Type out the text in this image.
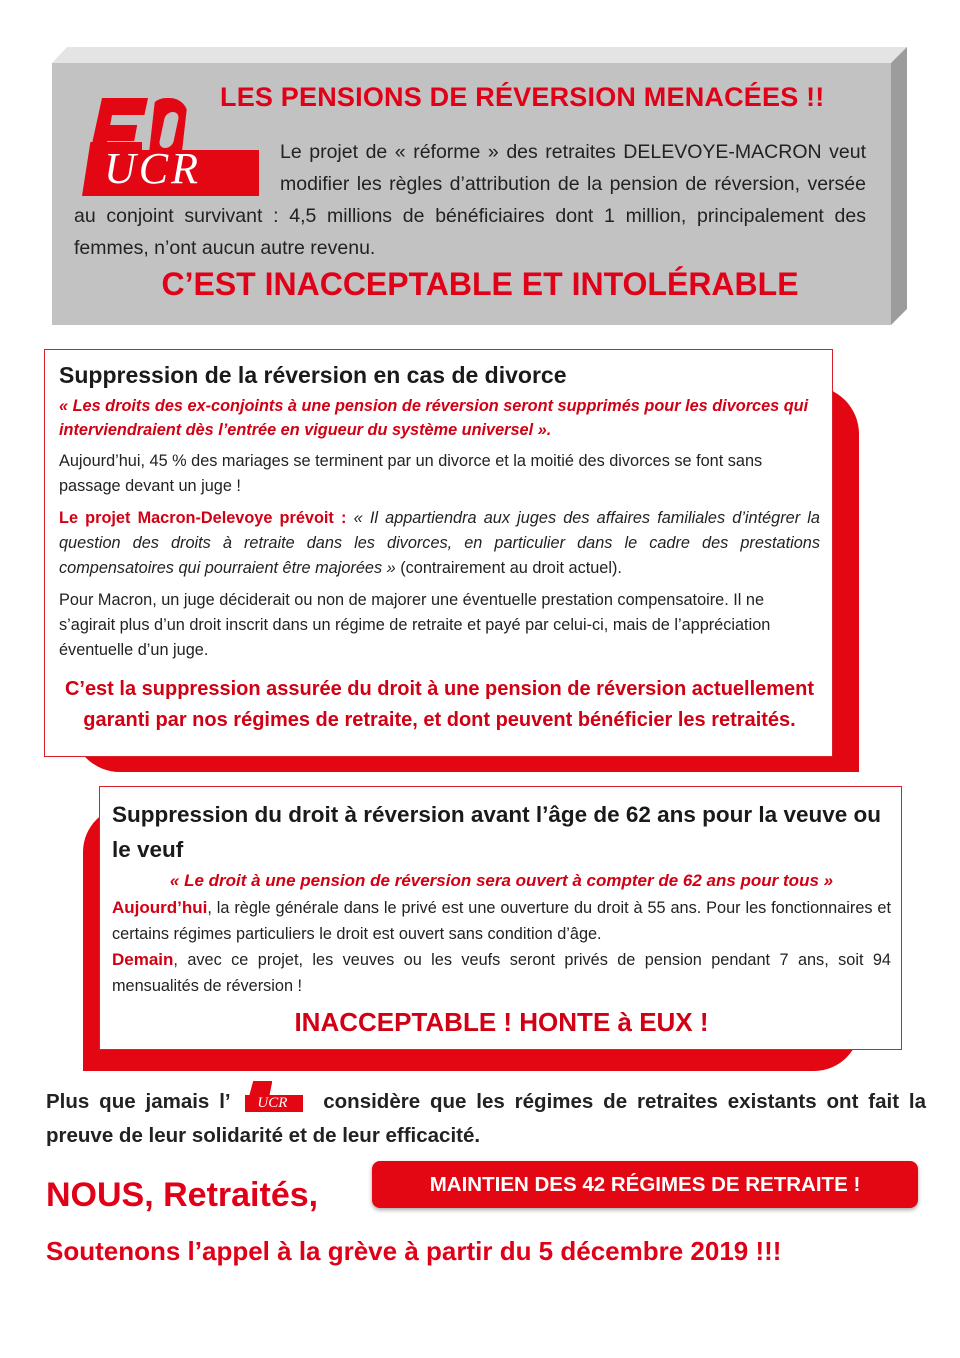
LES PENSIONS DE RÉVERSION MENACÉES !!
UCR	Le projet de « réforme » des retraites DELEVOYE-MACRON veut modifier les règles d’attribution de la pension de réversion, versée au conjoint survivant : 4,5 millions de bénéficiaires dont 1 million, principalement des femmes, n’ont aucun autre revenu.
C’EST INACCEPTABLE ET INTOLÉRABLE
Suppression de la réversion en cas de divorce
« Les droits des ex-conjoints à une pension de réversion seront supprimés pour les divorces qui interviendraient dès l’entrée en vigueur du système universel ».
Aujourd’hui, 45 % des mariages se terminent par un divorce et la moitié des divorces se font sans passage devant un juge !
Le projet Macron-Delevoye prévoit : « Il appartiendra aux juges des affaires familiales d’intégrer la question des droits à retraite dans les divorces, en particulier dans le cadre des prestations compensatoires qui pourraient être majorées » (contrairement au droit actuel).
Pour Macron, un juge déciderait ou non de majorer une éventuelle prestation compensatoire. Il ne s’agirait plus d’un droit inscrit dans un régime de retraite et payé par celui-ci, mais de l’appréciation éventuelle d’un juge.
C’est la suppression assurée du droit à une pension de réversion actuellement garanti par nos régimes de retraite, et dont peuvent bénéficier les retraités.
Suppression du droit à réversion avant l’âge de 62 ans pour la veuve ou le veuf
« Le droit à une pension de réversion sera ouvert à compter de 62 ans pour tous »
Aujourd’hui, la règle générale dans le privé est une ouverture du droit à 55 ans. Pour les fonctionnaires et certains régimes particuliers le droit est ouvert sans condition d’âge.
Demain, avec ce projet, les veuves ou les veufs seront privés de pension pendant 7 ans, soit 94 mensualités de réversion !
INACCEPTABLE ! HONTE à EUX !
Plus que jamais l’ UCR considère que les régimes de retraites existants ont fait la preuve de leur solidarité et de leur efficacité.
NOUS, Retraités,	MAINTIEN DES 42 RÉGIMES DE RETRAITE !
Soutenons l’appel à la grève à partir du 5 décembre 2019 !!!
